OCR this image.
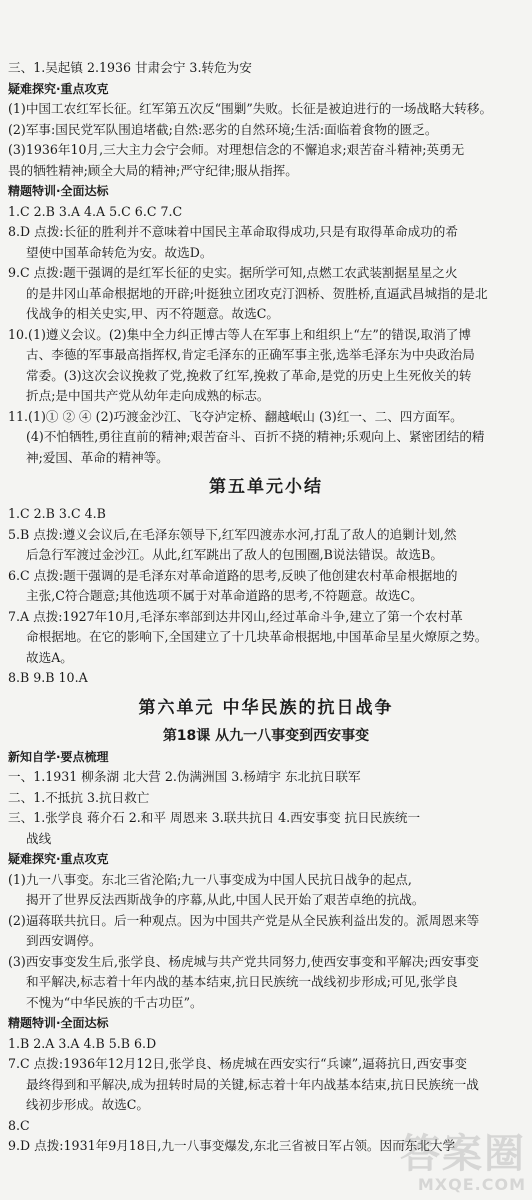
三、1.吴起镇 2.1936 甘肃会宁 3.转危为安
疑难探究·重点攻克
(1)中国工农红军长征。红军第五次反“围剿”失败。长征是被迫进行的一场战略大转移。
(2)军事:国民党军队围追堵截;自然:恶劣的自然环境;生活:面临着食物的匮乏。
(3)1936年10月,三大主力会宁会师。对理想信念的不懈追求;艰苦奋斗精神;英勇无
畏的牺牲精神;顾全大局的精神;严守纪律;服从指挥。
精题特训·全面达标
1.C 2.B 3.A 4.A 5.C 6.C 7.C
8.D 点拨:长征的胜利并不意味着中国民主革命取得成功,只是有取得革命成功的希
望使中国革命转危为安。故选D。
9.C 点拨:题干强调的是红军长征的史实。据所学可知,点燃工农武装割据星星之火
的是井冈山革命根据地的开辟;叶挺独立团攻克汀泗桥、贺胜桥,直逼武昌城指的是北
伐战争的相关史实,甲、丙不符题意。故选C。
10.(1)遵义会议。(2)集中全力纠正博古等人在军事上和组织上“左”的错误,取消了博
古、李德的军事最高指挥权,肯定毛泽东的正确军事主张,选举毛泽东为中央政治局
常委。(3)这次会议挽救了党,挽救了红军,挽救了革命,是党的历史上生死攸关的转
折点;是中国共产党从幼年走向成熟的标志。
11.(1)① ② ④ (2)巧渡金沙江、飞夺泸定桥、翻越岷山 (3)红一、二、四方面军。
(4)不怕牺牲,勇往直前的精神;艰苦奋斗、百折不挠的精神;乐观向上、紧密团结的精
神;爱国、革命的精神等。
第五单元小结
1.C 2.B 3.C 4.B
5.B 点拨:遵义会议后,在毛泽东领导下,红军四渡赤水河,打乱了敌人的追剿计划,然
后急行军渡过金沙江。从此,红军跳出了敌人的包围圈,B说法错误。故选B。
6.C 点拨:题干强调的是毛泽东对革命道路的思考,反映了他创建农村革命根据地的
主张,C符合题意;其他选项不属于对革命道路的思考,不符题意。故选C。
7.A 点拨:1927年10月,毛泽东率部到达井冈山,经过革命斗争,建立了第一个农村革
命根据地。在它的影响下,全国建立了十几块革命根据地,中国革命呈星火燎原之势。
故选A。
8.B 9.B 10.A
第六单元 中华民族的抗日战争
第18课 从九一八事变到西安事变
新知自学·要点梳理
一、1.1931 柳条湖 北大营 2.伪满洲国 3.杨靖宇 东北抗日联军
二、1.不抵抗 3.抗日救亡
三、1.张学良 蒋介石 2.和平 周恩来 3.联共抗日 4.西安事变 抗日民族统一
战线
疑难探究·重点攻克
(1)九一八事变。东北三省沦陷;九一八事变成为中国人民抗日战争的起点,
揭开了世界反法西斯战争的序幕,从此,中国人民开始了艰苦卓绝的抗战。
(2)逼蒋联共抗日。后一种观点。因为中国共产党是从全民族利益出发的。派周恩来等
到西安调停。
(3)西安事变发生后,张学良、杨虎城与共产党共同努力,使西安事变和平解决;西安事变
和平解决,标志着十年内战的基本结束,抗日民族统一战线初步形成;可见,张学良
不愧为“中华民族的千古功臣”。
精题特训·全面达标
1.B 2.A 3.A 4.B 5.B 6.D
7.C 点拨:1936年12月12日,张学良、杨虎城在西安实行“兵谏”,逼蒋抗日,西安事变
最终得到和平解决,成为扭转时局的关键,标志着十年内战基本结束,抗日民族统一战
线初步形成。故选C。
8.C
9.D 点拨:1931年9月18日,九一八事变爆发,东北三省被日军占领。因而东北大学
答案圈
MXQE.COM
